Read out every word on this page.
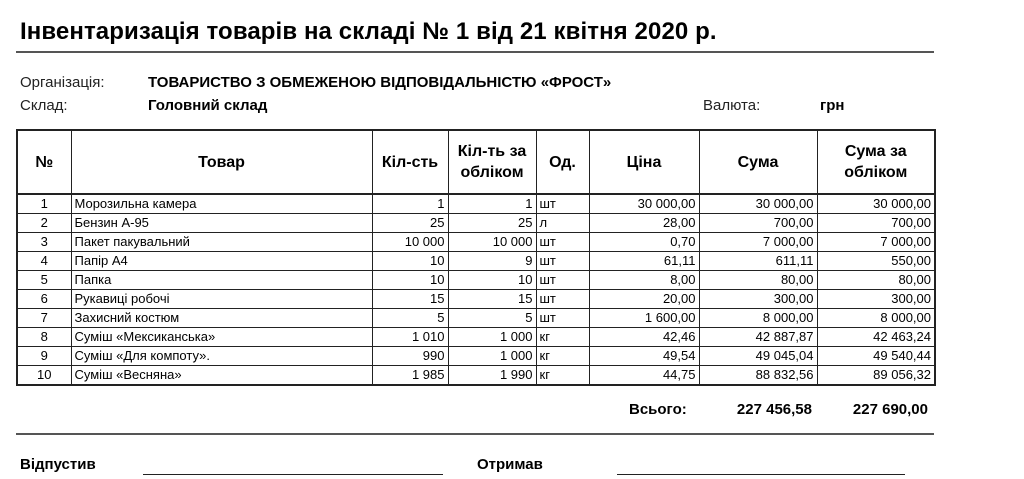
Інвентаризація товарів на складі № 1 від 21 квітня 2020 р.
Організація:	ТОВАРИСТВО З ОБМЕЖЕНОЮ ВІДПОВІДАЛЬНІСТЮ «ФРОСТ»
Склад:	Головний склад	Валюта:	грн
№	Товар	Кіл-сть	Кіл-ть за обліком	Од.	Ціна	Сума	Сума за обліком
1	Морозильна камера	1	1	шт	30 000,00	30 000,00	30 000,00
2	Бензин А-95	25	25	л	28,00	700,00	700,00
3	Пакет пакувальний	10 000	10 000	шт	0,70	7 000,00	7 000,00
4	Папір А4	10	9	шт	61,11	611,11	550,00
5	Папка	10	10	шт	8,00	80,00	80,00
6	Рукавиці робочі	15	15	шт	20,00	300,00	300,00
7	Захисний костюм	5	5	шт	1 600,00	8 000,00	8 000,00
8	Суміш «Мексиканська»	1 010	1 000	кг	42,46	42 887,87	42 463,24
9	Суміш «Для компоту».	990	1 000	кг	49,54	49 045,04	49 540,44
10	Суміш «Весняна»	1 985	1 990	кг	44,75	88 832,56	89 056,32
Всього:	227 456,58	227 690,00
Відпустив	Отримав
